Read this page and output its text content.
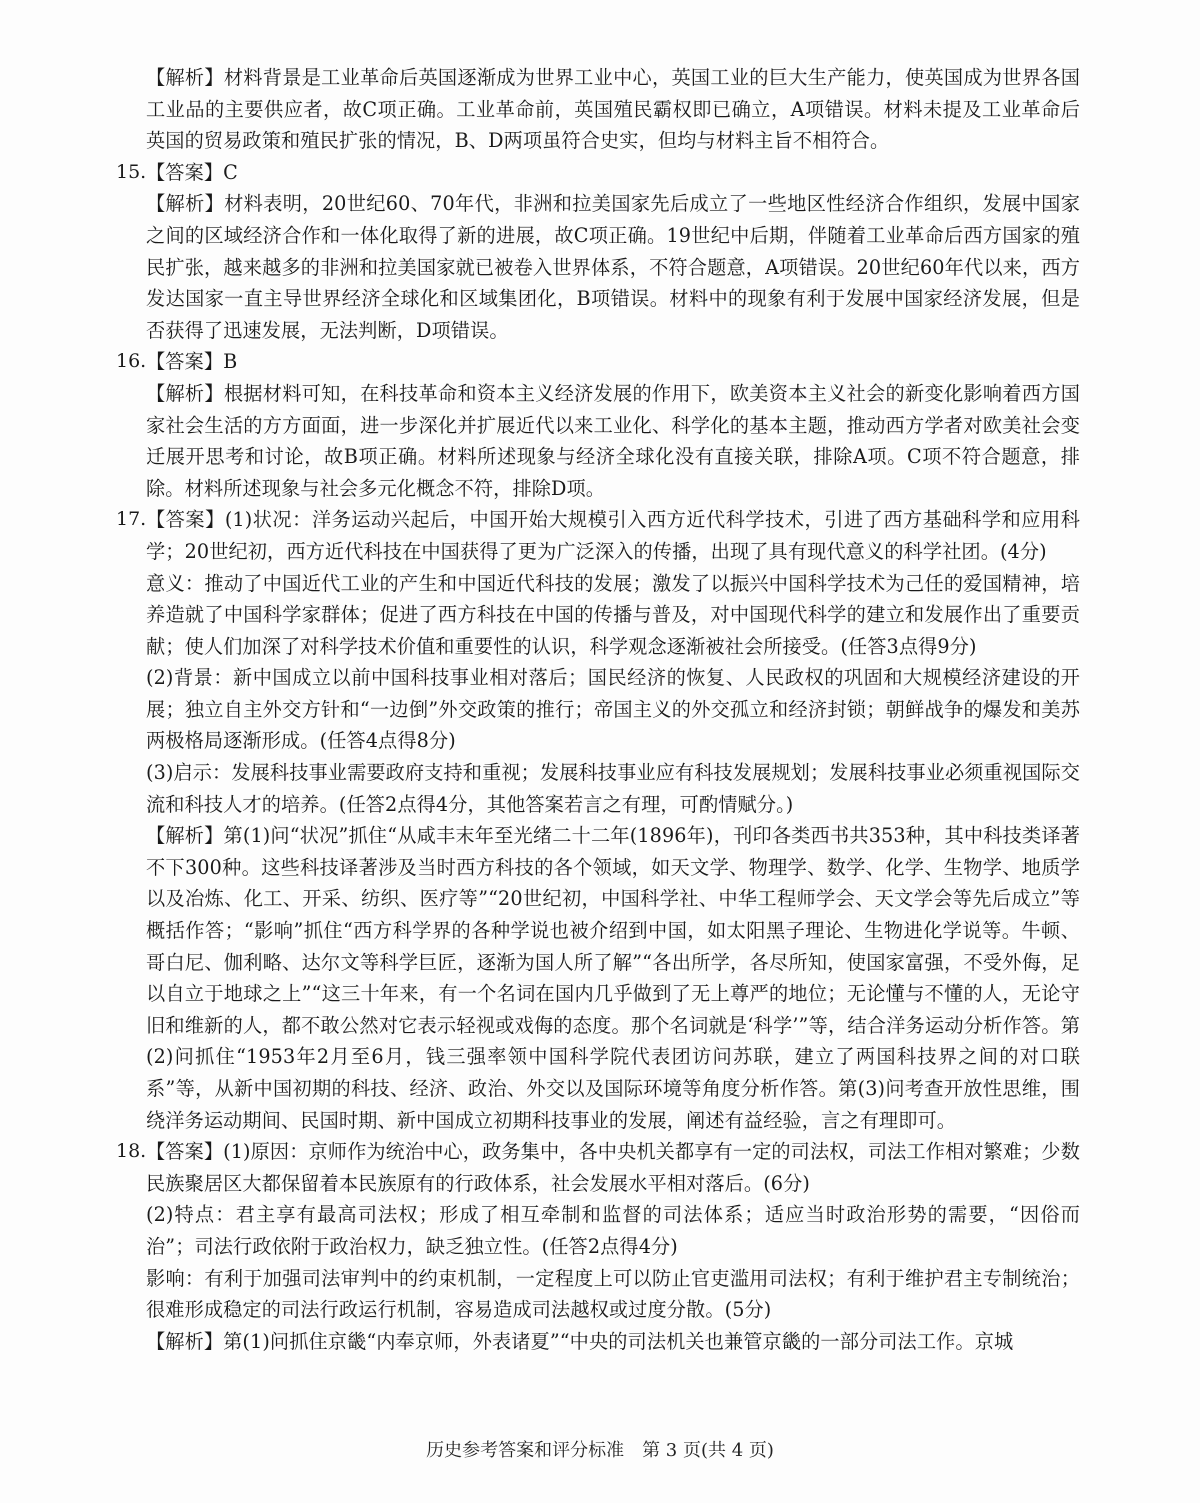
【解析】材料背景是工业革命后英国逐渐成为世界工业中心，英国工业的巨大生产能力，使英国成为世界各国工业品的主要供应者，故C项正确。工业革命前，英国殖民霸权即已确立，A项错误。材料未提及工业革命后英国的贸易政策和殖民扩张的情况，B、D两项虽符合史实，但均与材料主旨不相符合。

15. 【答案】C

【解析】材料表明，20世纪60、70年代，非洲和拉美国家先后成立了一些地区性经济合作组织，发展中国家之间的区域经济合作和一体化取得了新的进展，故C项正确。19世纪中后期，伴随着工业革命后西方国家的殖民扩张，越来越多的非洲和拉美国家就已被卷入世界体系，不符合题意，A项错误。20世纪60年代以来，西方发达国家一直主导世界经济全球化和区域集团化，B项错误。材料中的现象有利于发展中国家经济发展，但是否获得了迅速发展，无法判断，D项错误。

16. 【答案】B

【解析】根据材料可知，在科技革命和资本主义经济发展的作用下，欧美资本主义社会的新变化影响着西方国家社会生活的方方面面，进一步深化并扩展近代以来工业化、科学化的基本主题，推动西方学者对欧美社会变迁展开思考和讨论，故B项正确。材料所述现象与经济全球化没有直接关联，排除A项。C项不符合题意，排除。材料所述现象与社会多元化概念不符，排除D项。

17. 【答案】(1)状况：洋务运动兴起后，中国开始大规模引入西方近代科学技术，引进了西方基础科学和应用科学；20世纪初，西方近代科技在中国获得了更为广泛深入的传播，出现了具有现代意义的科学社团。(4分)

意义：推动了中国近代工业的产生和中国近代科技的发展；激发了以振兴中国科学技术为己任的爱国精神，培养造就了中国科学家群体；促进了西方科技在中国的传播与普及，对中国现代科学的建立和发展作出了重要贡献；使人们加深了对科学技术价值和重要性的认识，科学观念逐渐被社会所接受。(任答3点得9分)

(2)背景：新中国成立以前中国科技事业相对落后；国民经济的恢复、人民政权的巩固和大规模经济建设的开展；独立自主外交方针和“一边倒”外交政策的推行；帝国主义的外交孤立和经济封锁；朝鲜战争的爆发和美苏两极格局逐渐形成。(任答4点得8分)

(3)启示：发展科技事业需要政府支持和重视；发展科技事业应有科技发展规划；发展科技事业必须重视国际交流和科技人才的培养。(任答2点得4分，其他答案若言之有理，可酌情赋分。)

【解析】第(1)问“状况”抓住“从咸丰末年至光绪二十二年(1896年)，刊印各类西书共353种，其中科技类译著不下300种。这些科技译著涉及当时西方科技的各个领域，如天文学、物理学、数学、化学、生物学、地质学以及冶炼、化工、开采、纺织、医疗等”“20世纪初，中国科学社、中华工程师学会、天文学会等先后成立”等概括作答；“影响”抓住“西方科学界的各种学说也被介绍到中国，如太阳黑子理论、生物进化学说等。牛顿、哥白尼、伽利略、达尔文等科学巨匠，逐渐为国人所了解”“各出所学，各尽所知，使国家富强，不受外侮，足以自立于地球之上”“这三十年来，有一个名词在国内几乎做到了无上尊严的地位；无论懂与不懂的人，无论守旧和维新的人，都不敢公然对它表示轻视或戏侮的态度。那个名词就是‘科学’”等，结合洋务运动分析作答。第(2)问抓住“1953年2月至6月，钱三强率领中国科学院代表团访问苏联，建立了两国科技界之间的对口联系”等，从新中国初期的科技、经济、政治、外交以及国际环境等角度分析作答。第(3)问考查开放性思维，围绕洋务运动期间、民国时期、新中国成立初期科技事业的发展，阐述有益经验，言之有理即可。

18. 【答案】(1)原因：京师作为统治中心，政务集中，各中央机关都享有一定的司法权，司法工作相对繁难；少数民族聚居区大都保留着本民族原有的行政体系，社会发展水平相对落后。(6分)

(2)特点：君主享有最高司法权；形成了相互牵制和监督的司法体系；适应当时政治形势的需要，“因俗而治”；司法行政依附于政治权力，缺乏独立性。(任答2点得4分)

影响：有利于加强司法审判中的约束机制，一定程度上可以防止官吏滥用司法权；有利于维护君主专制统治；很难形成稳定的司法行政运行机制，容易造成司法越权或过度分散。(5分)

【解析】第(1)问抓住京畿“内奉京师，外表诸夏”“中央的司法机关也兼管京畿的一部分司法工作。京城

历史参考答案和评分标准　第 3 页(共 4 页)
